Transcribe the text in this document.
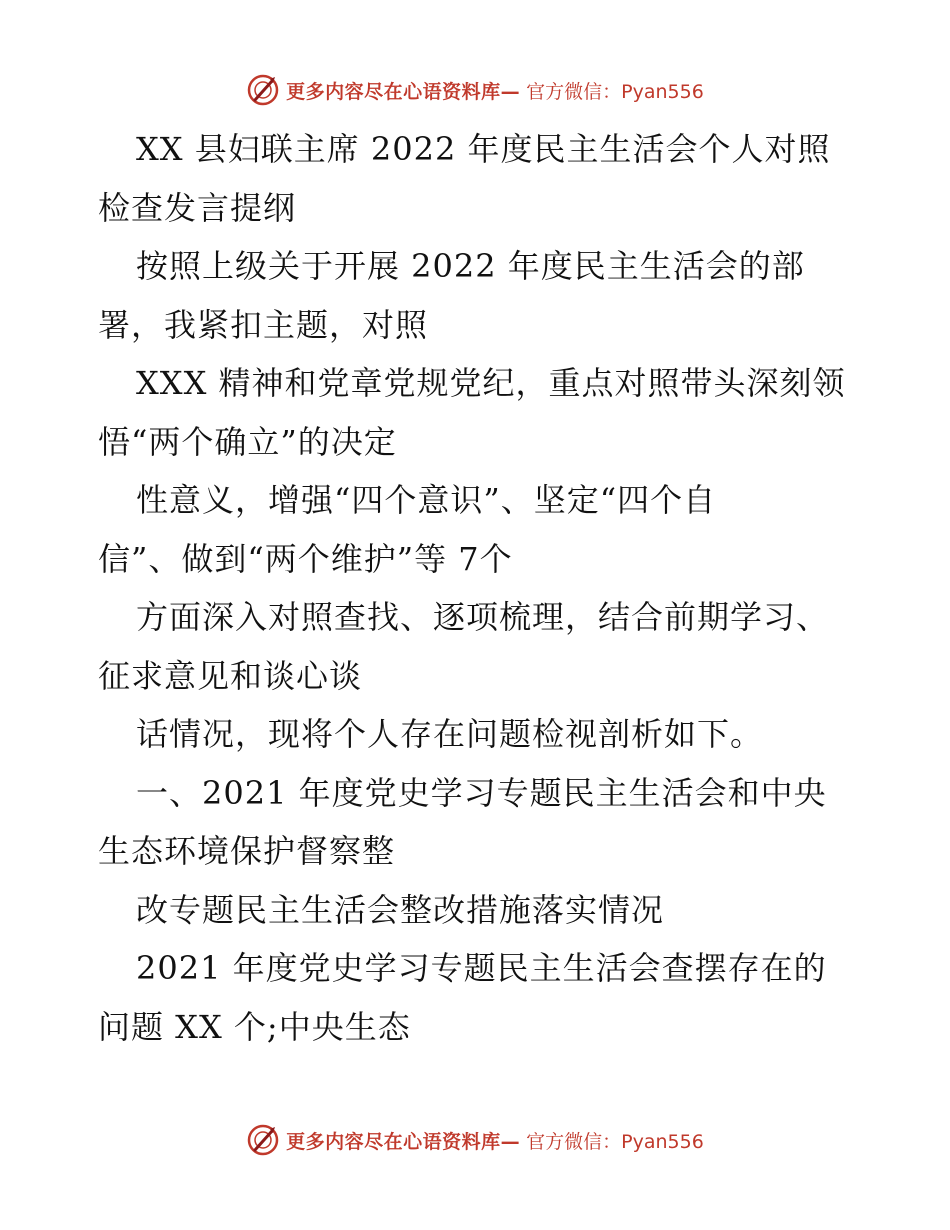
更多内容尽在心语资料库— 官方微信：Pyan556
XX 县妇联主席 2022 年度民主生活会个人对照
检查发言提纲
按照上级关于开展 2022 年度民主生活会的部
署，我紧扣主题，对照
XXX 精神和党章党规党纪，重点对照带头深刻领
悟“两个确立”的决定
性意义，增强“四个意识”、坚定“四个自
信”、做到“两个维护”等 7个
方面深入对照查找、逐项梳理，结合前期学习、
征求意见和谈心谈
话情况，现将个人存在问题检视剖析如下。
一、2021 年度党史学习专题民主生活会和中央
生态环境保护督察整
改专题民主生活会整改措施落实情况
2021 年度党史学习专题民主生活会查摆存在的
问题 XX 个;中央生态
更多内容尽在心语资料库— 官方微信：Pyan556
